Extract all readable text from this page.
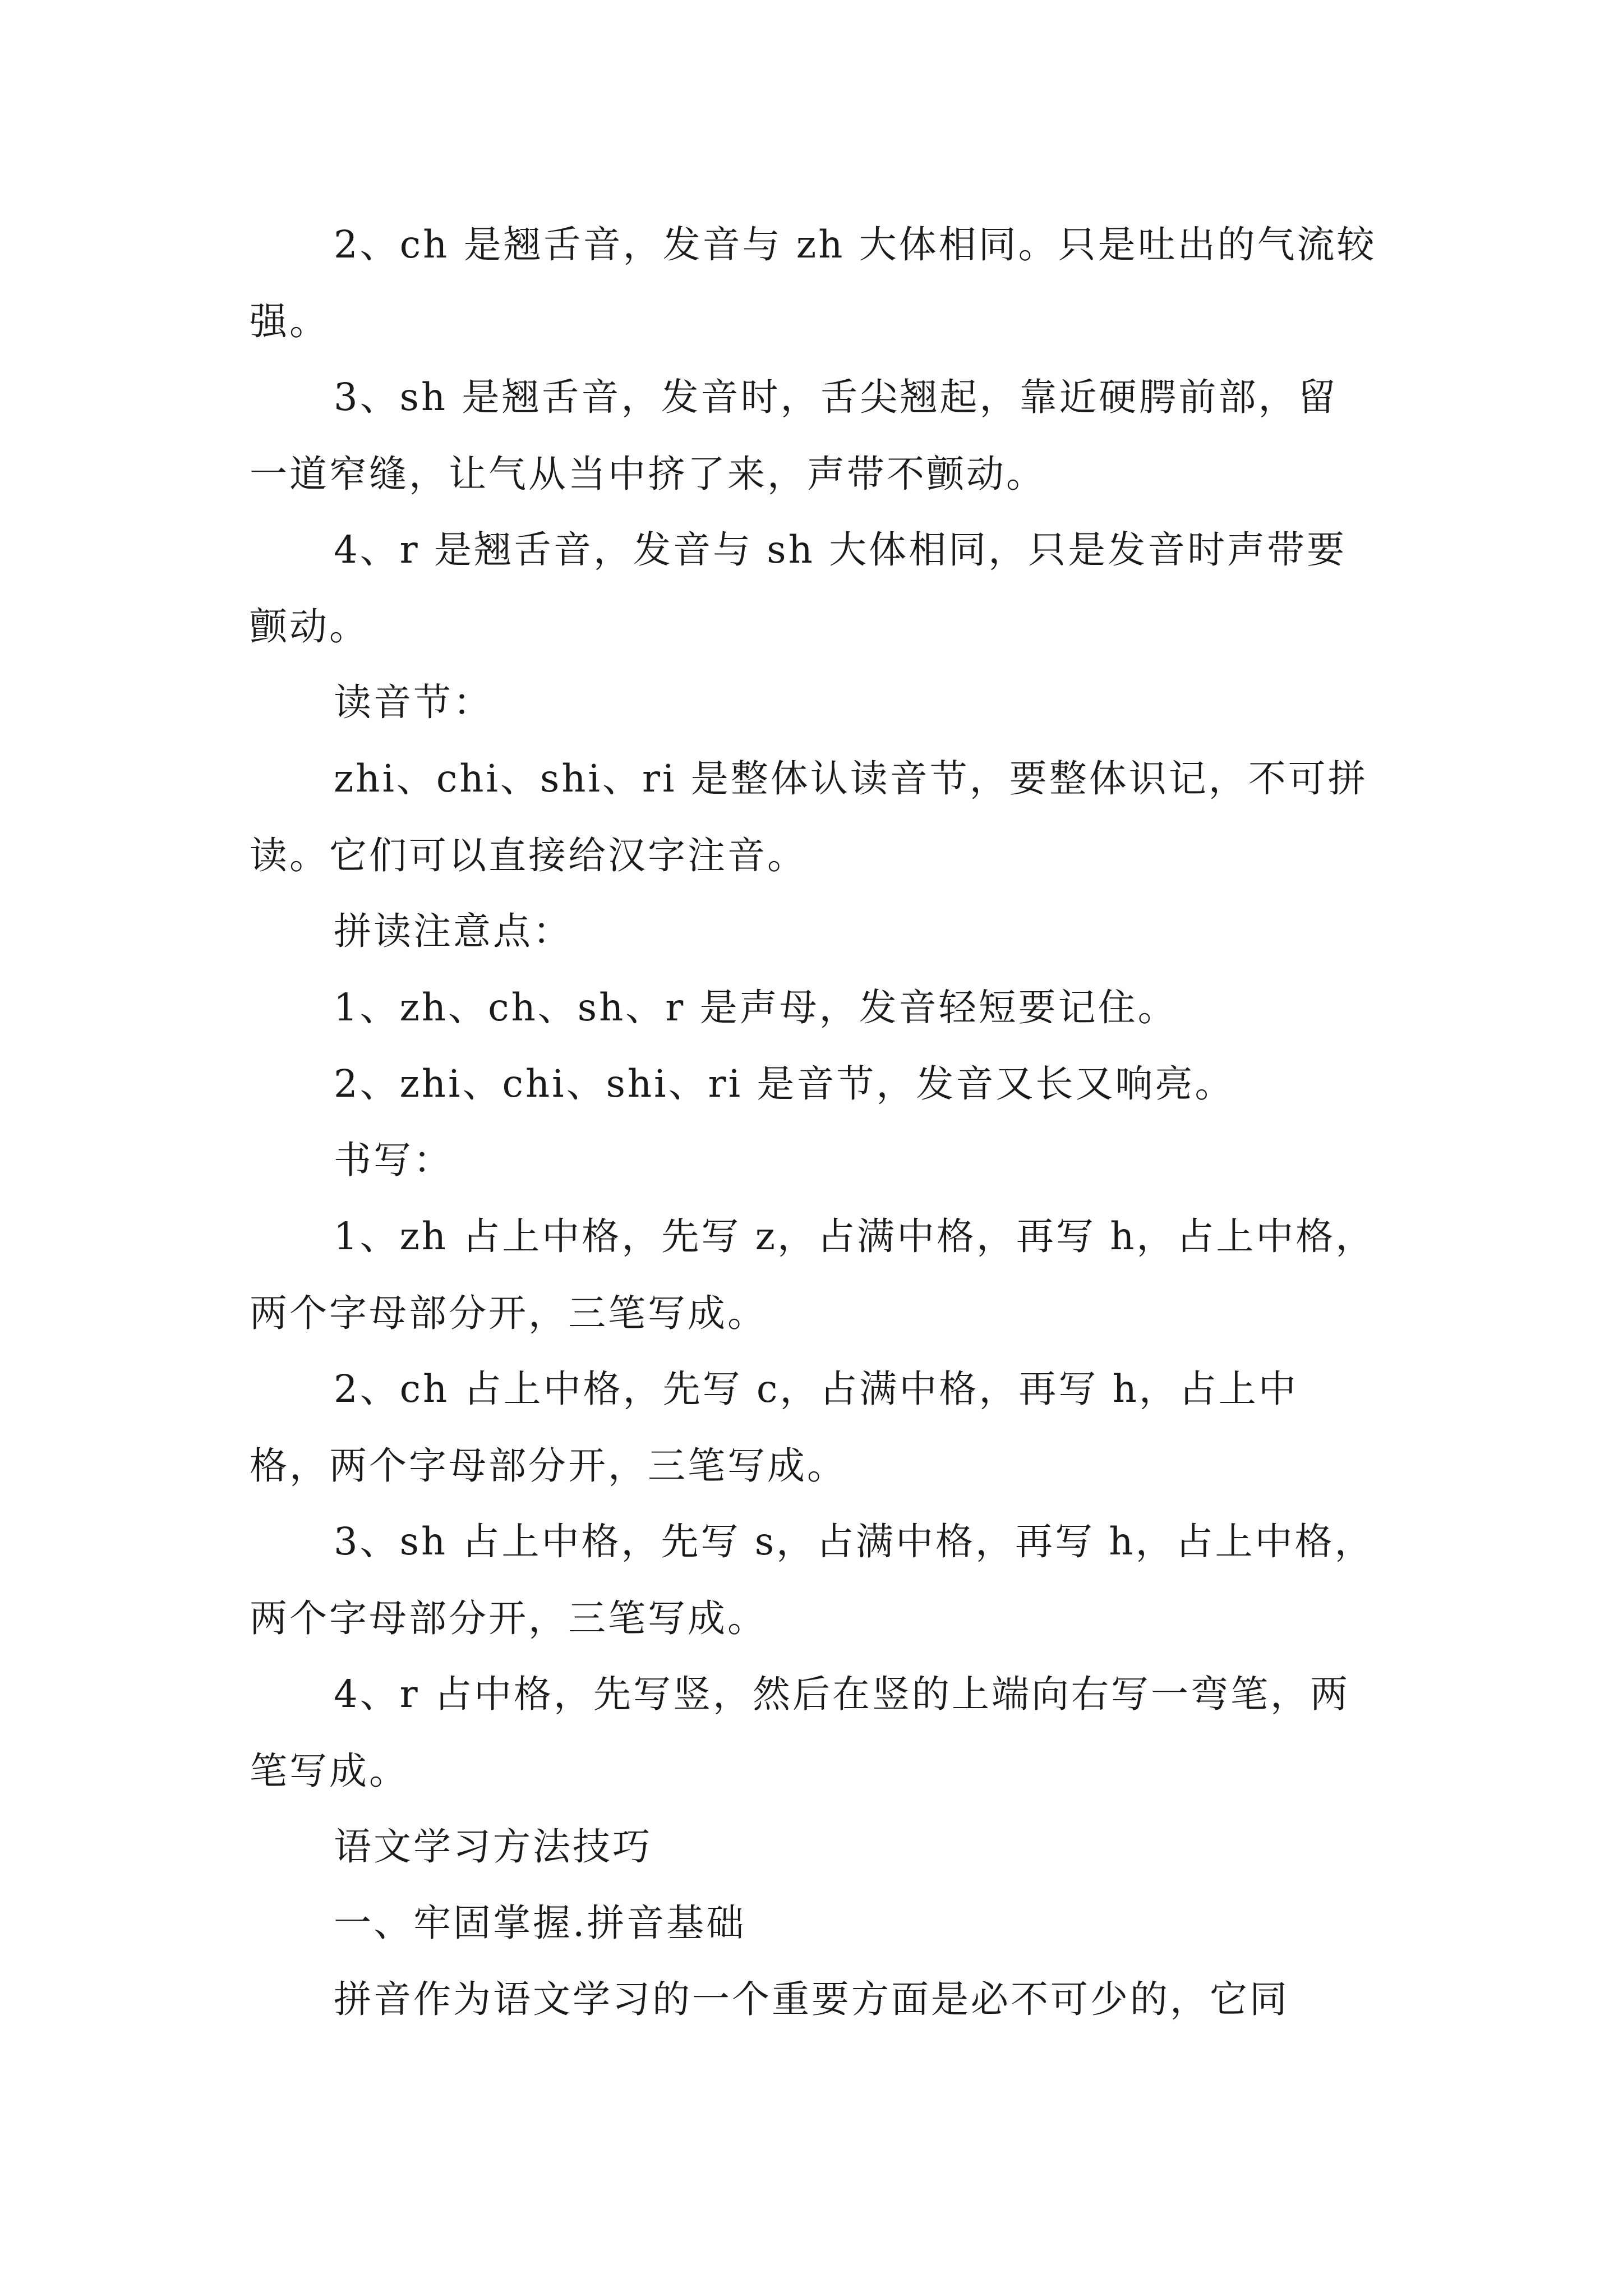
2、ch 是翘舌音，发音与 zh 大体相同。只是吐出的气流较强。

3、sh 是翘舌音，发音时，舌尖翘起，靠近硬腭前部，留一道窄缝，让气从当中挤了来，声带不颤动。

4、r 是翘舌音，发音与 sh 大体相同，只是发音时声带要颤动。

读音节：

zhi、chi、shi、ri 是整体认读音节，要整体识记，不可拼读。它们可以直接给汉字注音。

拼读注意点：

1、zh、ch、sh、r 是声母，发音轻短要记住。

2、zhi、chi、shi、ri 是音节，发音又长又响亮。

书写：

1、zh 占上中格，先写 z，占满中格，再写 h，占上中格，两个字母部分开，三笔写成。

2、ch 占上中格，先写 c，占满中格，再写 h，占上中格，两个字母部分开，三笔写成。

3、sh 占上中格，先写 s，占满中格，再写 h，占上中格，两个字母部分开，三笔写成。

4、r 占中格，先写竖，然后在竖的上端向右写一弯笔，两笔写成。

语文学习方法技巧

一、牢固掌握.拼音基础

拼音作为语文学习的一个重要方面是必不可少的，它同
